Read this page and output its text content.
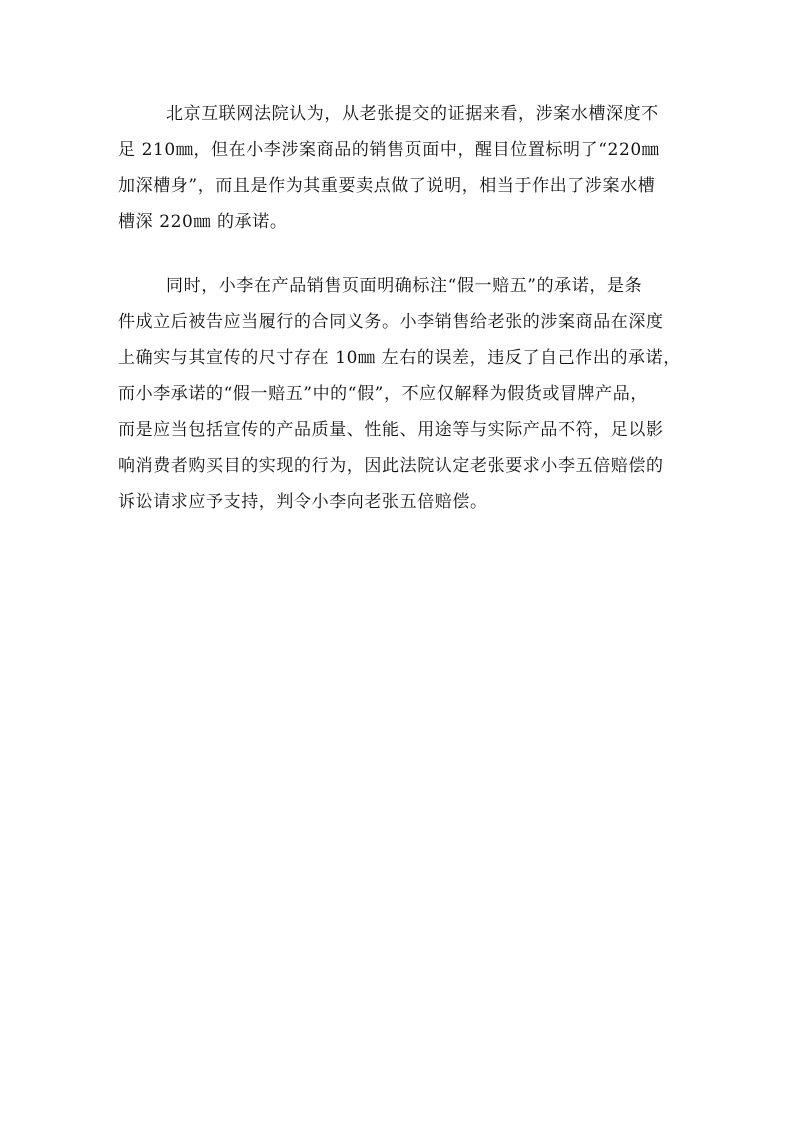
北京互联网法院认为，从老张提交的证据来看，涉案水槽深度不
足 210㎜，但在小李涉案商品的销售页面中，醒目位置标明了“220㎜
加深槽身”，而且是作为其重要卖点做了说明，相当于作出了涉案水槽
槽深 220㎜ 的承诺。

同时，小李在产品销售页面明确标注“假一赔五”的承诺，是条
件成立后被告应当履行的合同义务。小李销售给老张的涉案商品在深度
上确实与其宣传的尺寸存在 10㎜ 左右的误差，违反了自己作出的承诺，
而小李承诺的“假一赔五”中的“假”，不应仅解释为假货或冒牌产品，
而是应当包括宣传的产品质量、性能、用途等与实际产品不符，足以影
响消费者购买目的实现的行为，因此法院认定老张要求小李五倍赔偿的
诉讼请求应予支持，判令小李向老张五倍赔偿。
